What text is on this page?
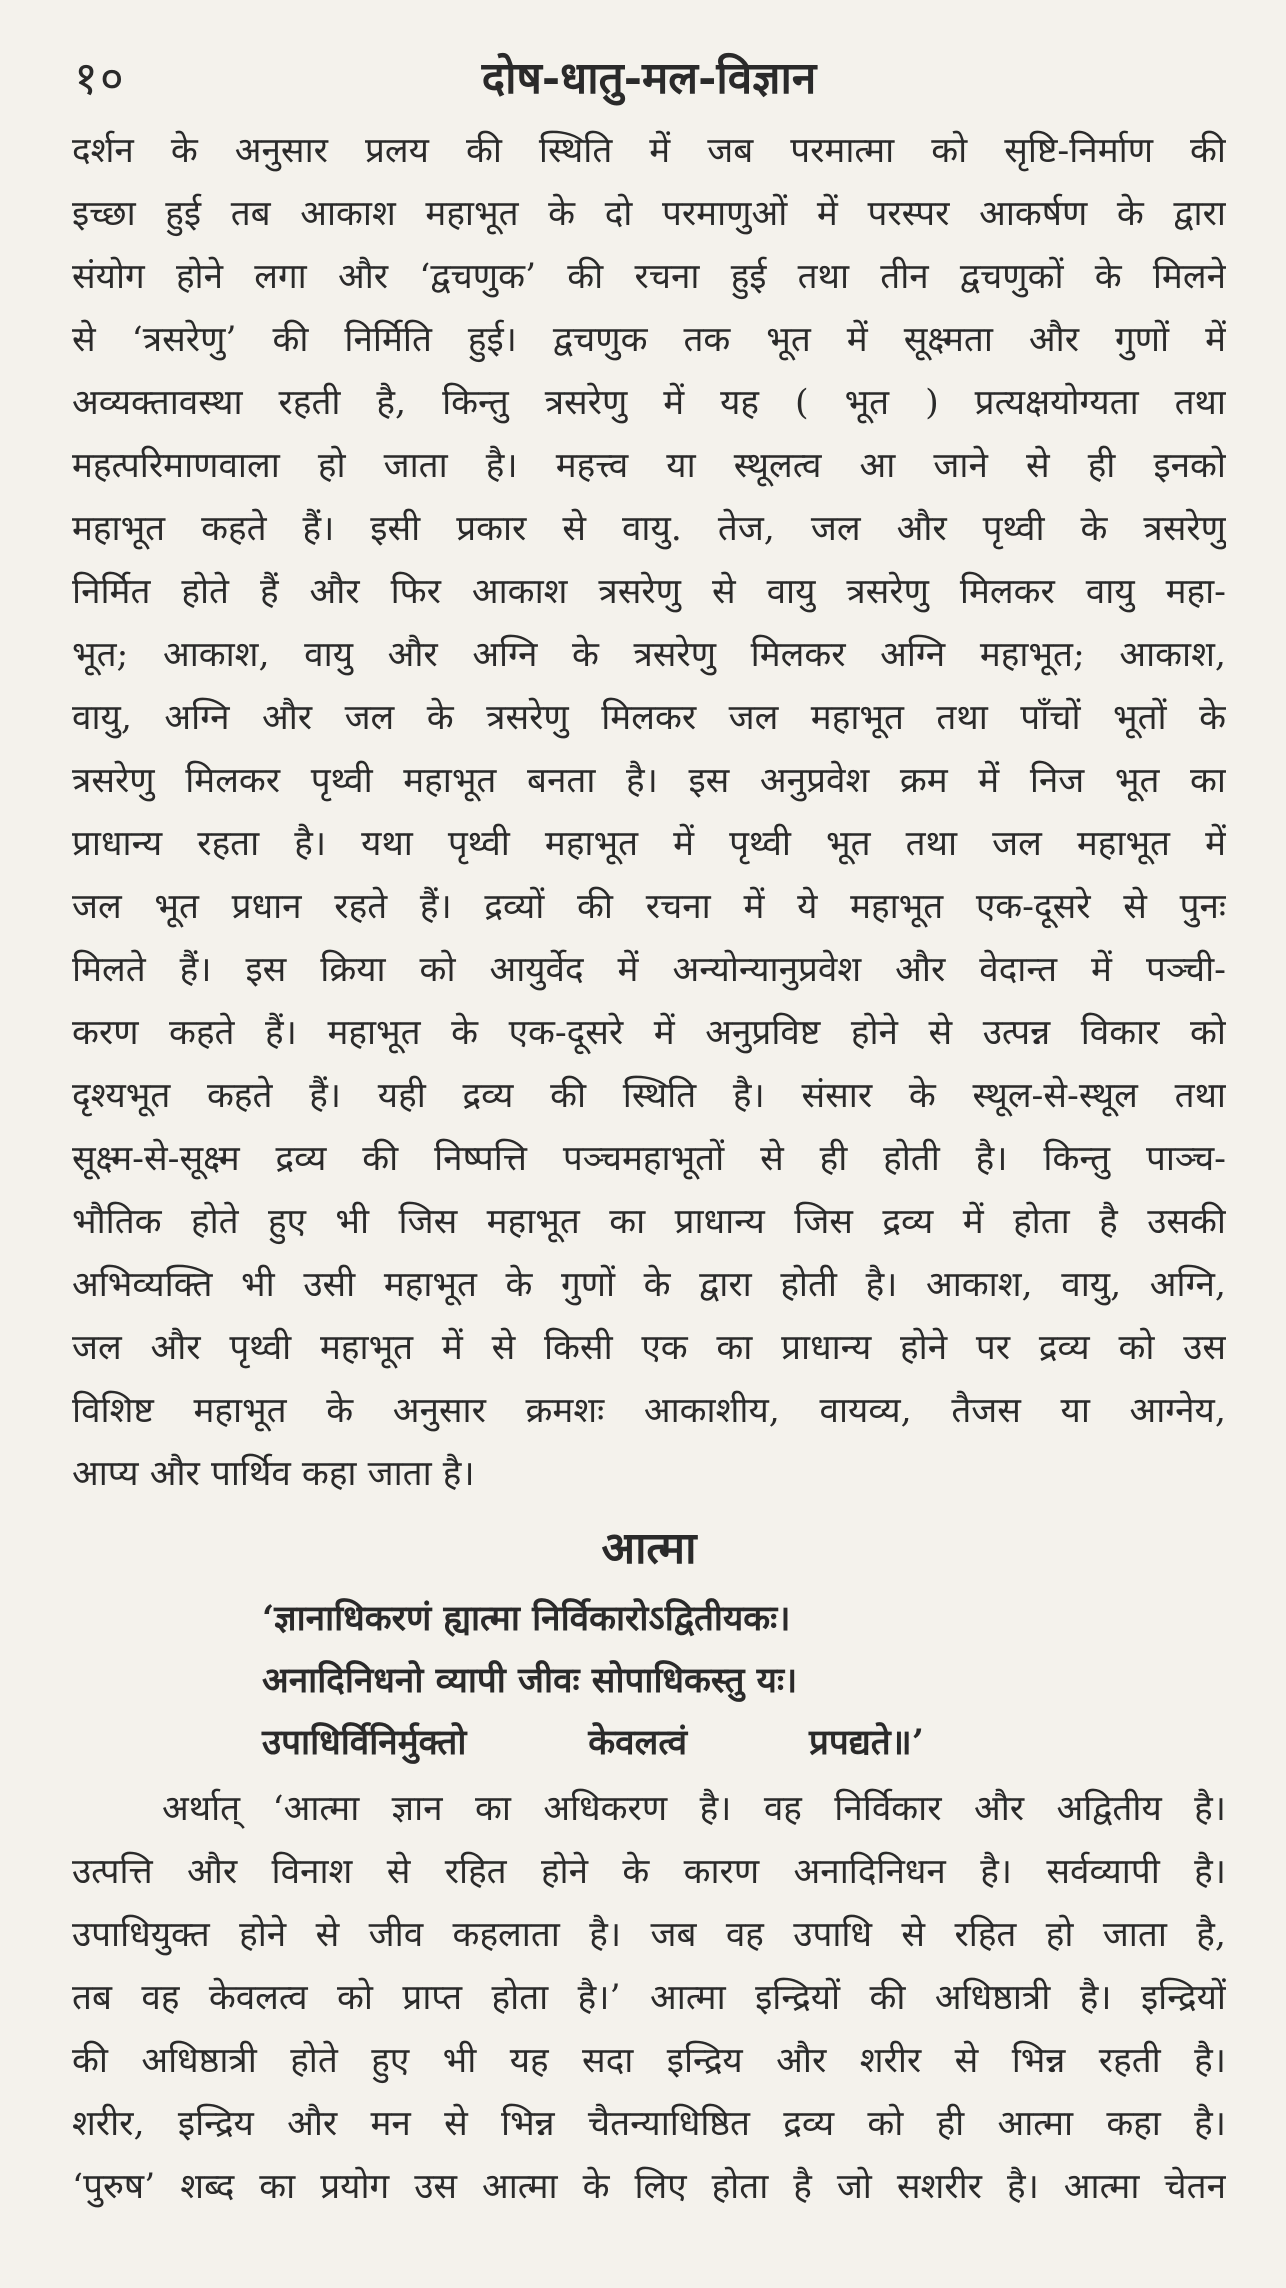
१०	दोष-धातु-मल-विज्ञान
दर्शन के अनुसार प्रलय की स्थिति में जब परमात्मा को सृष्टि-निर्माण की
इच्छा हुई तब आकाश महाभूत के दो परमाणुओं में परस्पर आकर्षण के द्वारा
संयोग होने लगा और ‘द्वचणुक’ की रचना हुई तथा तीन द्वचणुकों के मिलने
से ‘त्रसरेणु’ की निर्मिति हुई। द्वचणुक तक भूत में सूक्ष्मता और गुणों में
अव्यक्तावस्था रहती है, किन्तु त्रसरेणु में यह ( भूत ) प्रत्यक्षयोग्यता तथा
महत्परिमाणवाला हो जाता है। महत्त्व या स्थूलत्व आ जाने से ही इनको
महाभूत कहते हैं। इसी प्रकार से वायु. तेज, जल और पृथ्वी के त्रसरेणु
निर्मित होते हैं और फिर आकाश त्रसरेणु से वायु त्रसरेणु मिलकर वायु महा-
भूत; आकाश, वायु और अग्नि के त्रसरेणु मिलकर अग्नि महाभूत; आकाश,
वायु, अग्नि और जल के त्रसरेणु मिलकर जल महाभूत तथा पाँचों भूतों के
त्रसरेणु मिलकर पृथ्वी महाभूत बनता है। इस अनुप्रवेश क्रम में निज भूत का
प्राधान्य रहता है। यथा पृथ्वी महाभूत में पृथ्वी भूत तथा जल महाभूत में
जल भूत प्रधान रहते हैं। द्रव्यों की रचना में ये महाभूत एक-दूसरे से पुनः
मिलते हैं। इस क्रिया को आयुर्वेद में अन्योन्यानुप्रवेश और वेदान्त में पञ्ची-
करण कहते हैं। महाभूत के एक-दूसरे में अनुप्रविष्ट होने से उत्पन्न विकार को
दृश्यभूत कहते हैं। यही द्रव्य की स्थिति है। संसार के स्थूल-से-स्थूल तथा
सूक्ष्म-से-सूक्ष्म द्रव्य की निष्पत्ति पञ्चमहाभूतों से ही होती है। किन्तु पाञ्च-
भौतिक होते हुए भी जिस महाभूत का प्राधान्य जिस द्रव्य में होता है उसकी
अभिव्यक्ति भी उसी महाभूत के गुणों के द्वारा होती है। आकाश, वायु, अग्नि,
जल और पृथ्वी महाभूत में से किसी एक का प्राधान्य होने पर द्रव्य को उस
विशिष्ट महाभूत के अनुसार क्रमशः आकाशीय, वायव्य, तैजस या आग्नेय,
आप्य और पार्थिव कहा जाता है।
आत्मा
‘ज्ञानाधिकरणं ह्यात्मा निर्विकारोऽद्वितीयकः।
अनादिनिधनो व्यापी जीवः सोपाधिकस्तु यः।
उपाधिर्विनिर्मुक्तो          केवलत्वं          प्रपद्यते॥’
अर्थात् ‘आत्मा ज्ञान का अधिकरण है। वह निर्विकार और अद्वितीय है।
उत्पत्ति और विनाश से रहित होने के कारण अनादिनिधन है। सर्वव्यापी है।
उपाधियुक्त होने से जीव कहलाता है। जब वह उपाधि से रहित हो जाता है,
तब वह केवलत्व को प्राप्त होता है।’ आत्मा इन्द्रियों की अधिष्ठात्री है। इन्द्रियों
की अधिष्ठात्री होते हुए भी यह सदा इन्द्रिय और शरीर से भिन्न रहती है।
शरीर, इन्द्रिय और मन से भिन्न चैतन्याधिष्ठित द्रव्य को ही आत्मा कहा है।
‘पुरुष’ शब्द का प्रयोग उस आत्मा के लिए होता है जो सशरीर है। आत्मा चेतन
